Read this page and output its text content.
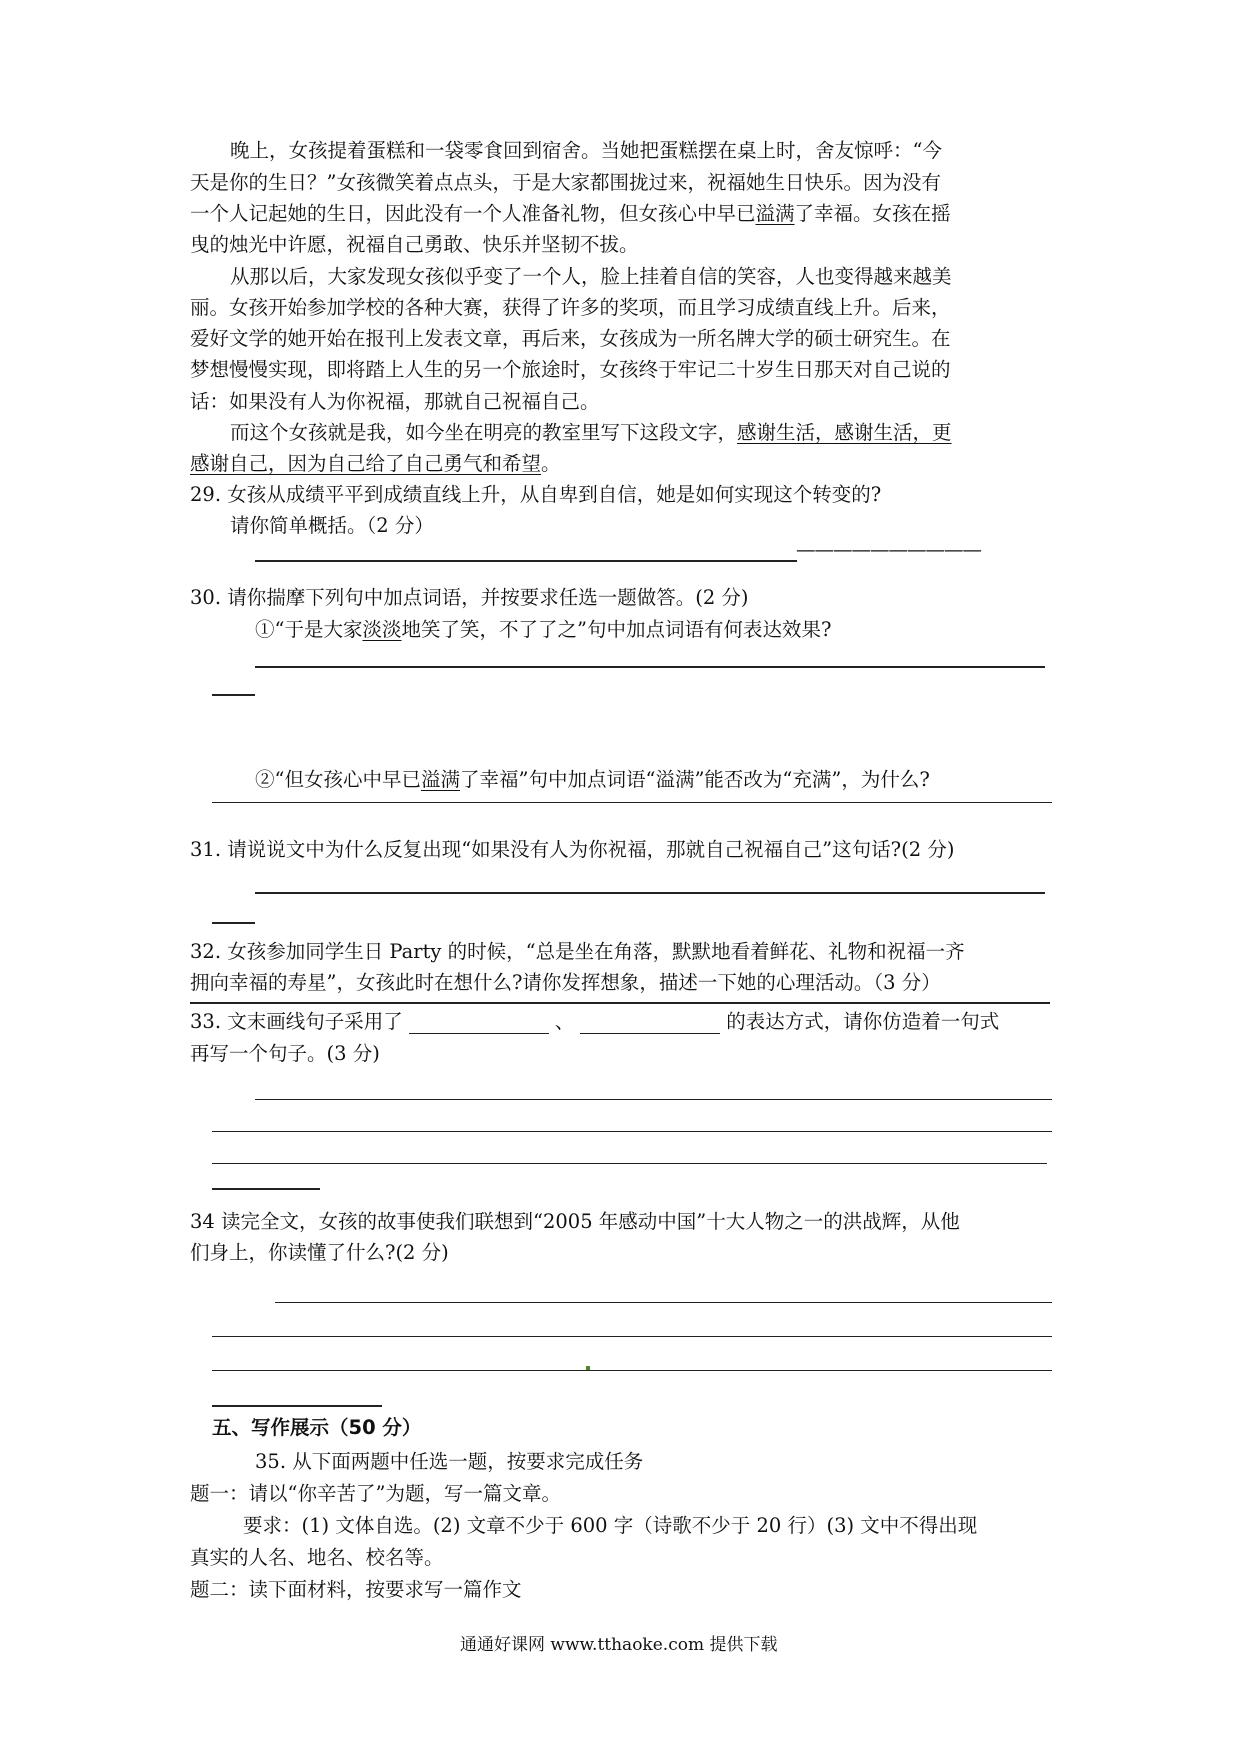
晚上，女孩提着蛋糕和一袋零食回到宿舍。当她把蛋糕摆在桌上时，舍友惊呼：“今
天是你的生日？”女孩微笑着点点头，于是大家都围拢过来，祝福她生日快乐。因为没有
一个人记起她的生日，因此没有一个人准备礼物，但女孩心中早已溢满了幸福。女孩在摇
曳的烛光中许愿，祝福自己勇敢、快乐并坚韧不拔。
从那以后，大家发现女孩似乎变了一个人，脸上挂着自信的笑容，人也变得越来越美
丽。女孩开始参加学校的各种大赛，获得了许多的奖项，而且学习成绩直线上升。后来，
爱好文学的她开始在报刊上发表文章，再后来，女孩成为一所名牌大学的硕士研究生。在
梦想慢慢实现，即将踏上人生的另一个旅途时，女孩终于牢记二十岁生日那天对自己说的
话：如果没有人为你祝福，那就自己祝福自己。
而这个女孩就是我，如今坐在明亮的教室里写下这段文字，感谢生活，感谢生活，更
感谢自己，因为自己给了自己勇气和希望。
29. 女孩从成绩平平到成绩直线上升，从自卑到自信，她是如何实现这个转变的?
请你简单概括。（2 分）
——————————
30. 请你揣摩下列句中加点词语，并按要求任选一题做答。(2 分)
①“于是大家淡淡地笑了笑，不了了之”句中加点词语有何表达效果?
②“但女孩心中早已溢满了幸福”句中加点词语“溢满”能否改为“充满”，为什么?
31. 请说说文中为什么反复出现“如果没有人为你祝福，那就自己祝福自己”这句话?(2 分)
32. 女孩参加同学生日 Party 的时候，“总是坐在角落，默默地看着鲜花、礼物和祝福一齐
拥向幸福的寿星”，女孩此时在想什么?请你发挥想象，描述一下她的心理活动。（3 分）
33. 文末画线句子采用了	、	的表达方式，请你仿造着一句式
再写一个句子。(3 分)
34 读完全文，女孩的故事使我们联想到“2005 年感动中国”十大人物之一的洪战辉，从他
们身上，你读懂了什么?(2 分)
五、写作展示（50 分）
35. 从下面两题中任选一题，按要求完成任务
题一：请以“你辛苦了”为题，写一篇文章。
要求：(1) 文体自选。(2) 文章不少于 600 字（诗歌不少于 20 行）(3) 文中不得出现
真实的人名、地名、校名等。
题二：读下面材料，按要求写一篇作文
通通好课网 www.tthaoke.com 提供下载
